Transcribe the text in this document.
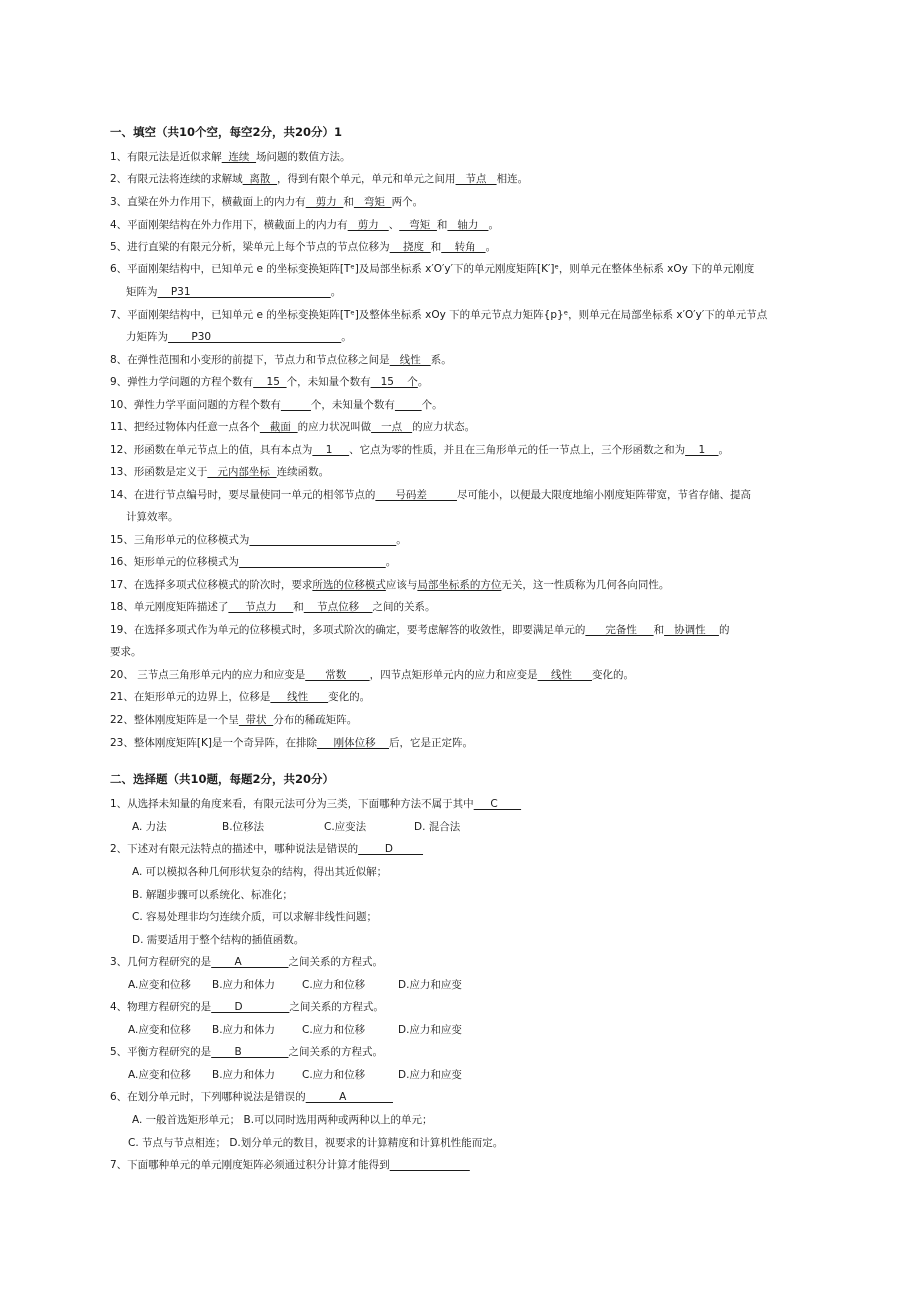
一、填空（共10个空，每空2分，共20分）1
1、有限元法是近似求解  连续  场问题的数值方法。
2、有限元法将连续的求解域  离散  ，得到有限个单元，单元和单元之间用   节点   相连。
3、直梁在外力作用下，横截面上的内力有   剪力  和   弯矩  两个。
4、平面刚架结构在外力作用下，横截面上的内力有   剪力   、   弯矩  和   轴力   。
5、进行直梁的有限元分析，梁单元上每个节点的节点位移为    挠度  和    转角   。
6、平面刚架结构中，已知单元 e 的坐标变换矩阵[Tᵉ]及局部坐标系 x′O′y′下的单元刚度矩阵[K′]ᵉ，则单元在整体坐标系 xOy 下的单元刚度
矩阵为    P31                                          。
7、平面刚架结构中，已知单元 e 的坐标变换矩阵[Tᵉ]及整体坐标系 xOy 下的单元节点力矩阵{p}ᵉ，则单元在局部坐标系 x′O′y′下的单元节点
力矩阵为       P30                                       。
8、在弹性范围和小变形的前提下，节点力和节点位移之间是   线性   系。
9、弹性力学问题的方程个数有    15  个，未知量个数有   15    个。
10、弹性力学平面问题的方程个数有	个，未知量个数有	个。
11、把经过物体内任意一点各个   截面  的应力状况叫做   一点   的应力状态。
12、形函数在单元节点上的值，具有本点为    1     、它点为零的性质，并且在三角形单元的任一节点上，三个形函数之和为    1    。
13、形函数是定义于   元内部坐标  连续函数。
14、在进行节点编号时，要尽量使同一单元的相邻节点的      号码差         尽可能小，以便最大限度地缩小刚度矩阵带宽，节省存储、提高
计算效率。
15、三角形单元的位移模式为	。
16、矩形单元的位移模式为	。
17、在选择多项式位移模式的阶次时，要求所选的位移模式应该与局部坐标系的方位无关，这一性质称为几何各向同性。
18、单元刚度矩阵描述了     节点力     和    节点位移    之间的关系。
19、在选择多项式作为单元的位移模式时，多项式阶次的确定，要考虑解答的收敛性，即要满足单元的      完备性     和   协调性    的
要求。
20、 三节点三角形单元内的应力和应变是      常数       ，四节点矩形单元内的应力和应变是    线性      变化的。
21、在矩形单元的边界上，位移是     线性      变化的。
22、整体刚度矩阵是一个呈  带状  分布的稀疏矩阵。
23、整体刚度矩阵[K]是一个奇异阵，在排除     刚体位移    后，它是正定阵。
二、选择题（共10题，每题2分，共20分）
1、从选择未知量的角度来看，有限元法可分为三类，下面哪种方法不属于其中     C
A. 力法	B.位移法	C.应变法	D. 混合法
2、下述对有限元法特点的描述中，哪种说法是错误的        D
A. 可以模拟各种几何形状复杂的结构，得出其近似解；
B. 解题步骤可以系统化、标准化；
C. 容易处理非均匀连续介质，可以求解非线性问题；
D. 需要适用于整个结构的插值函数。
3、几何方程研究的是       A              之间关系的方程式。
A.应变和位移 B.应力和体力	C.应力和位移	D.应力和应变
4、物理方程研究的是       D              之间关系的方程式。
A.应变和位移 B.应力和体力	C.应力和位移	D.应力和应变
5、平衡方程研究的是       B              之间关系的方程式。
A.应变和位移 B.应力和体力	C.应力和位移	D.应力和应变
6、在划分单元时，下列哪种说法是错误的          A
A. 一般首选矩形单元； B.可以同时选用两种或两种以上的单元；
C. 节点与节点相连； D.划分单元的数目，视要求的计算精度和计算机性能而定。
7、下面哪种单元的单元刚度矩阵必须通过积分计算才能得到
